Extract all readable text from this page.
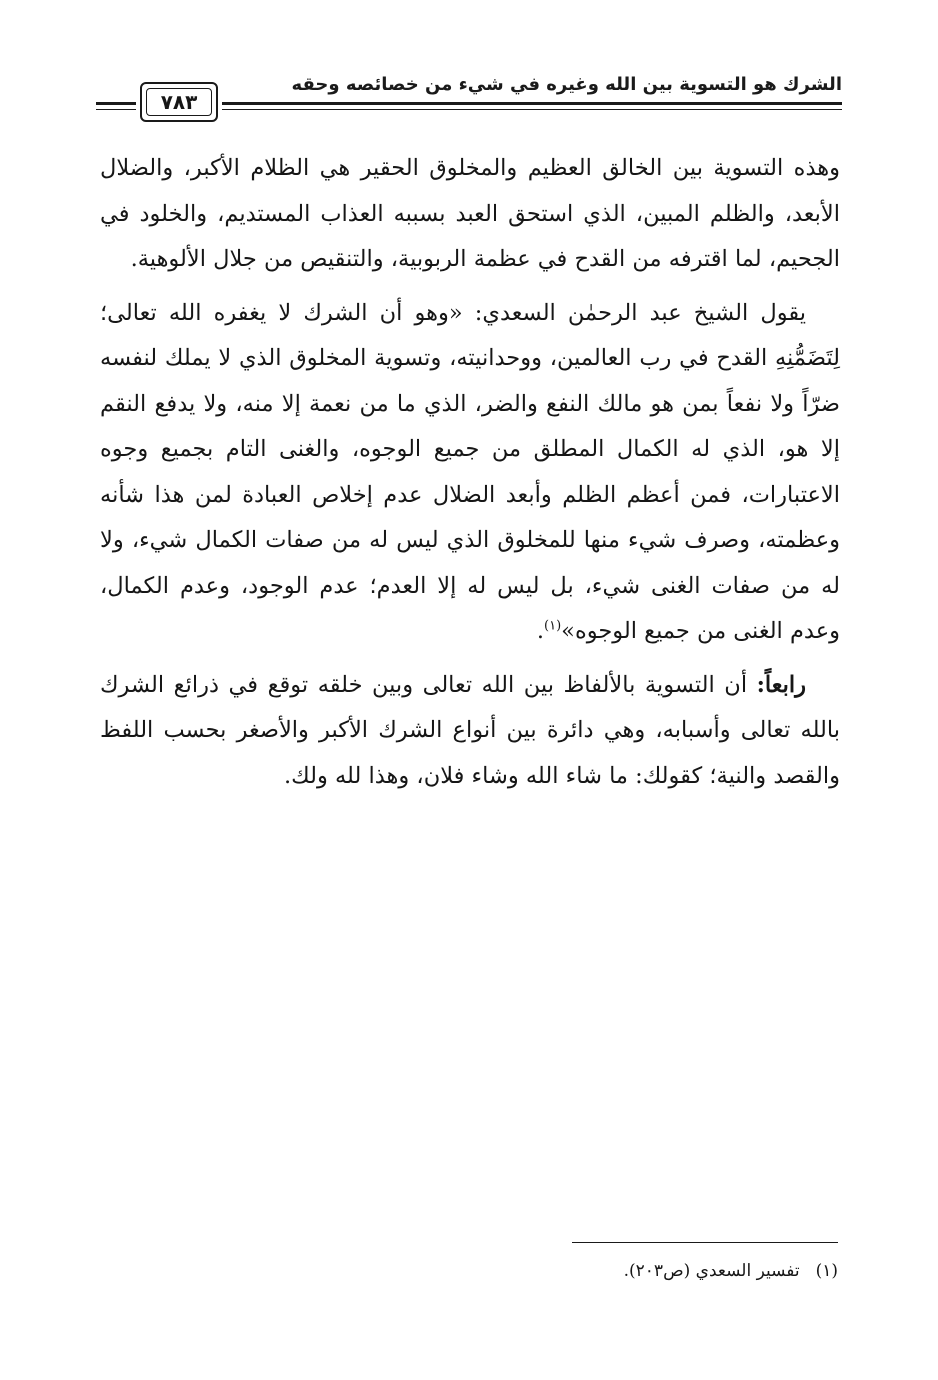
الشرك هو التسوية بين الله وغيره في شيء من خصائصه وحقه
٧٨٣

وهذه التسوية بين الخالق العظيم والمخلوق الحقير هي الظلام الأكبر، والضلال الأبعد، والظلم المبين، الذي استحق العبد بسببه العذاب المستديم، والخلود في الجحيم، لما اقترفه من القدح في عظمة الربوبية، والتنقيص من جلال الألوهية.

يقول الشيخ عبد الرحمٰن السعدي: «وهو أن الشرك لا يغفره الله تعالى؛ لِتَضَمُّنِهِ القدح في رب العالمين، ووحدانيته، وتسوية المخلوق الذي لا يملك لنفسه ضرّاً ولا نفعاً بمن هو مالك النفع والضر، الذي ما من نعمة إلا منه، ولا يدفع النقم إلا هو، الذي له الكمال المطلق من جميع الوجوه، والغنى التام بجميع وجوه الاعتبارات، فمن أعظم الظلم وأبعد الضلال عدم إخلاص العبادة لمن هذا شأنه وعظمته، وصرف شيء منها للمخلوق الذي ليس له من صفات الكمال شيء، ولا له من صفات الغنى شيء، بل ليس له إلا العدم؛ عدم الوجود، وعدم الكمال، وعدم الغنى من جميع الوجوه»$^{(١)}$.

رابعاً: أن التسوية بالألفاظ بين الله تعالى وبين خلقه توقع في ذرائع الشرك بالله تعالى وأسبابه، وهي دائرة بين أنواع الشرك الأكبر والأصغر بحسب اللفظ والقصد والنية؛ كقولك: ما شاء الله وشاء فلان، وهذا لله ولك.

(١)تفسير السعدي (ص٢٠٣).
